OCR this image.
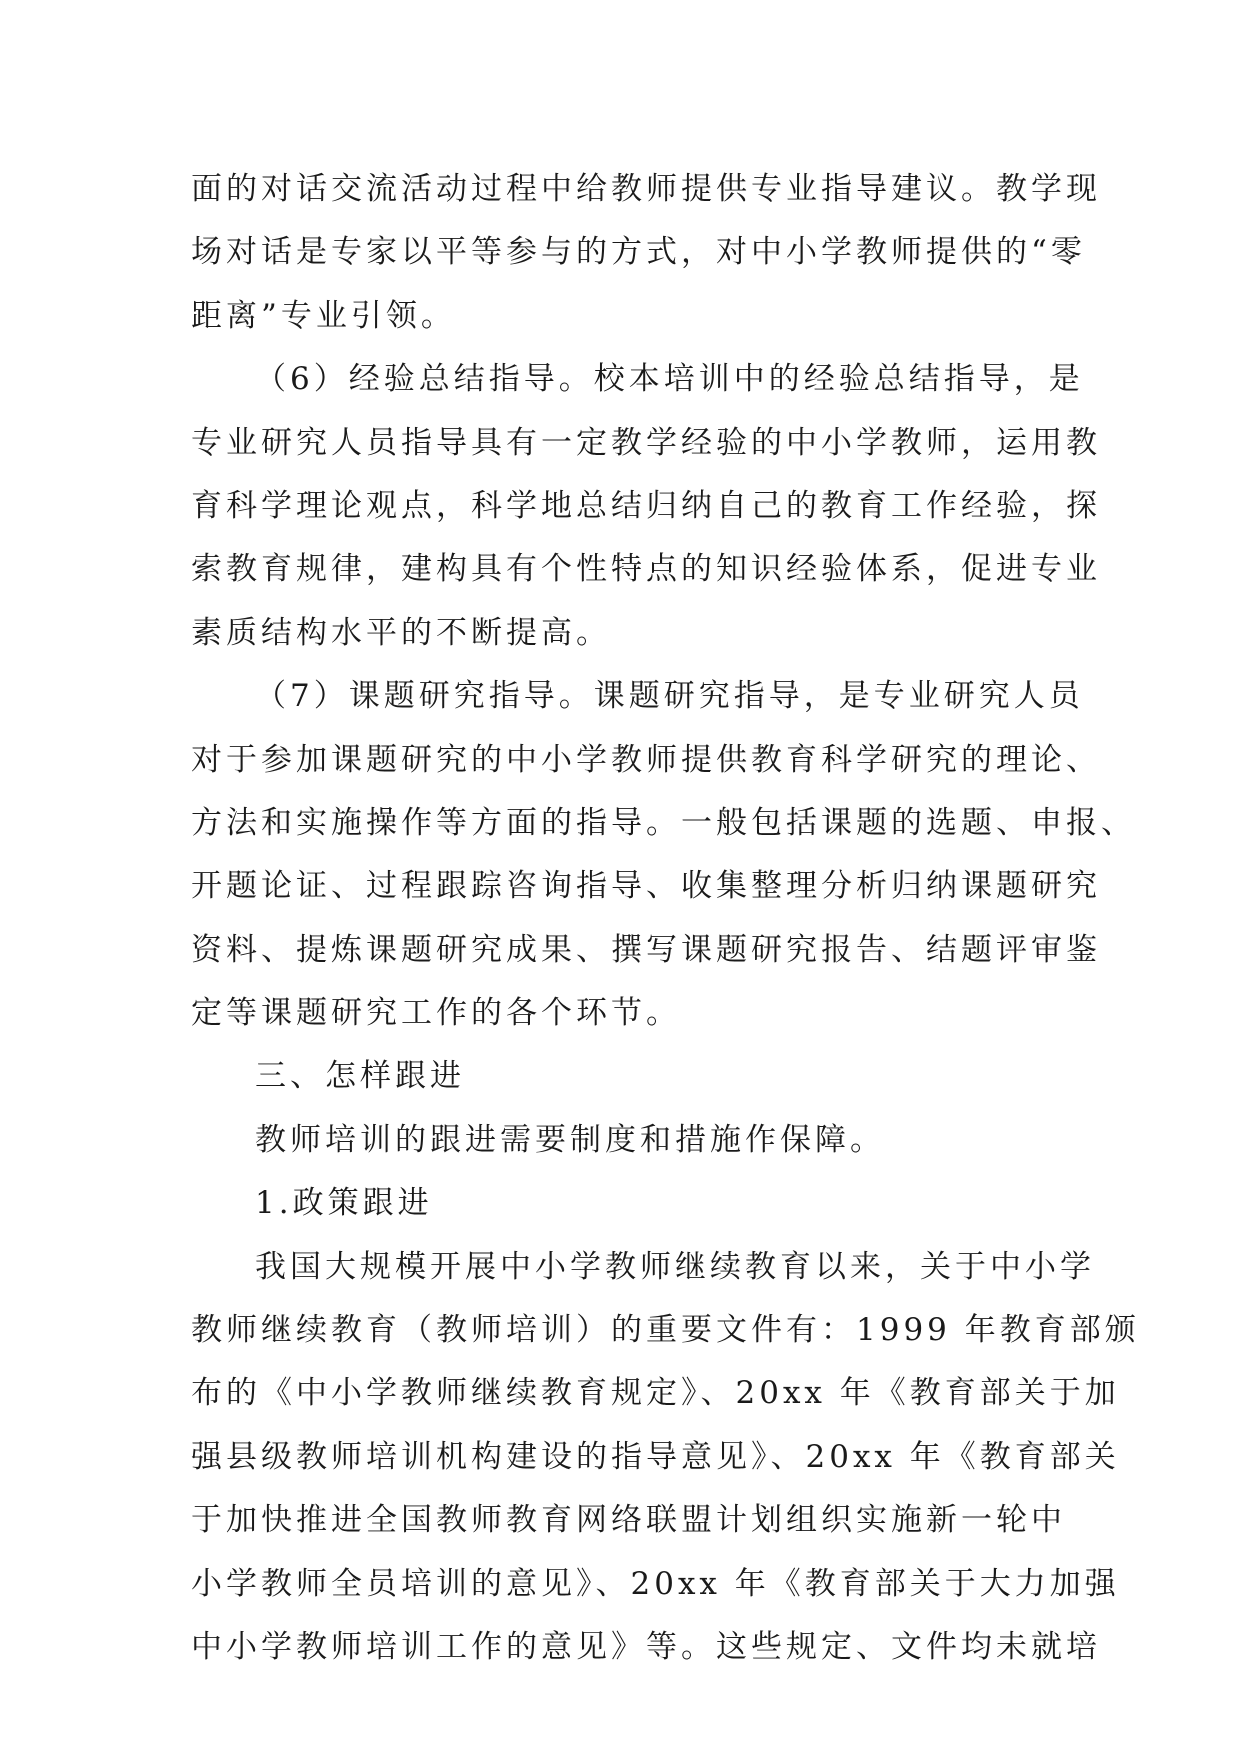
面的对话交流活动过程中给教师提供专业指导建议。教学现
场对话是专家以平等参与的方式，对中小学教师提供的“零
距离”专业引领。
（6）经验总结指导。校本培训中的经验总结指导，是
专业研究人员指导具有一定教学经验的中小学教师，运用教
育科学理论观点，科学地总结归纳自己的教育工作经验，探
索教育规律，建构具有个性特点的知识经验体系，促进专业
素质结构水平的不断提高。
（7）课题研究指导。课题研究指导，是专业研究人员
对于参加课题研究的中小学教师提供教育科学研究的理论、
方法和实施操作等方面的指导。一般包括课题的选题、申报、
开题论证、过程跟踪咨询指导、收集整理分析归纳课题研究
资料、提炼课题研究成果、撰写课题研究报告、结题评审鉴
定等课题研究工作的各个环节。
三、怎样跟进
教师培训的跟进需要制度和措施作保障。
1.政策跟进
我国大规模开展中小学教师继续教育以来，关于中小学
教师继续教育（教师培训）的重要文件有：1999 年教育部颁
布的《中小学教师继续教育规定》、20xx 年《教育部关于加
强县级教师培训机构建设的指导意见》、20xx 年《教育部关
于加快推进全国教师教育网络联盟计划组织实施新一轮中
小学教师全员培训的意见》、20xx 年《教育部关于大力加强
中小学教师培训工作的意见》等。这些规定、文件均未就培
